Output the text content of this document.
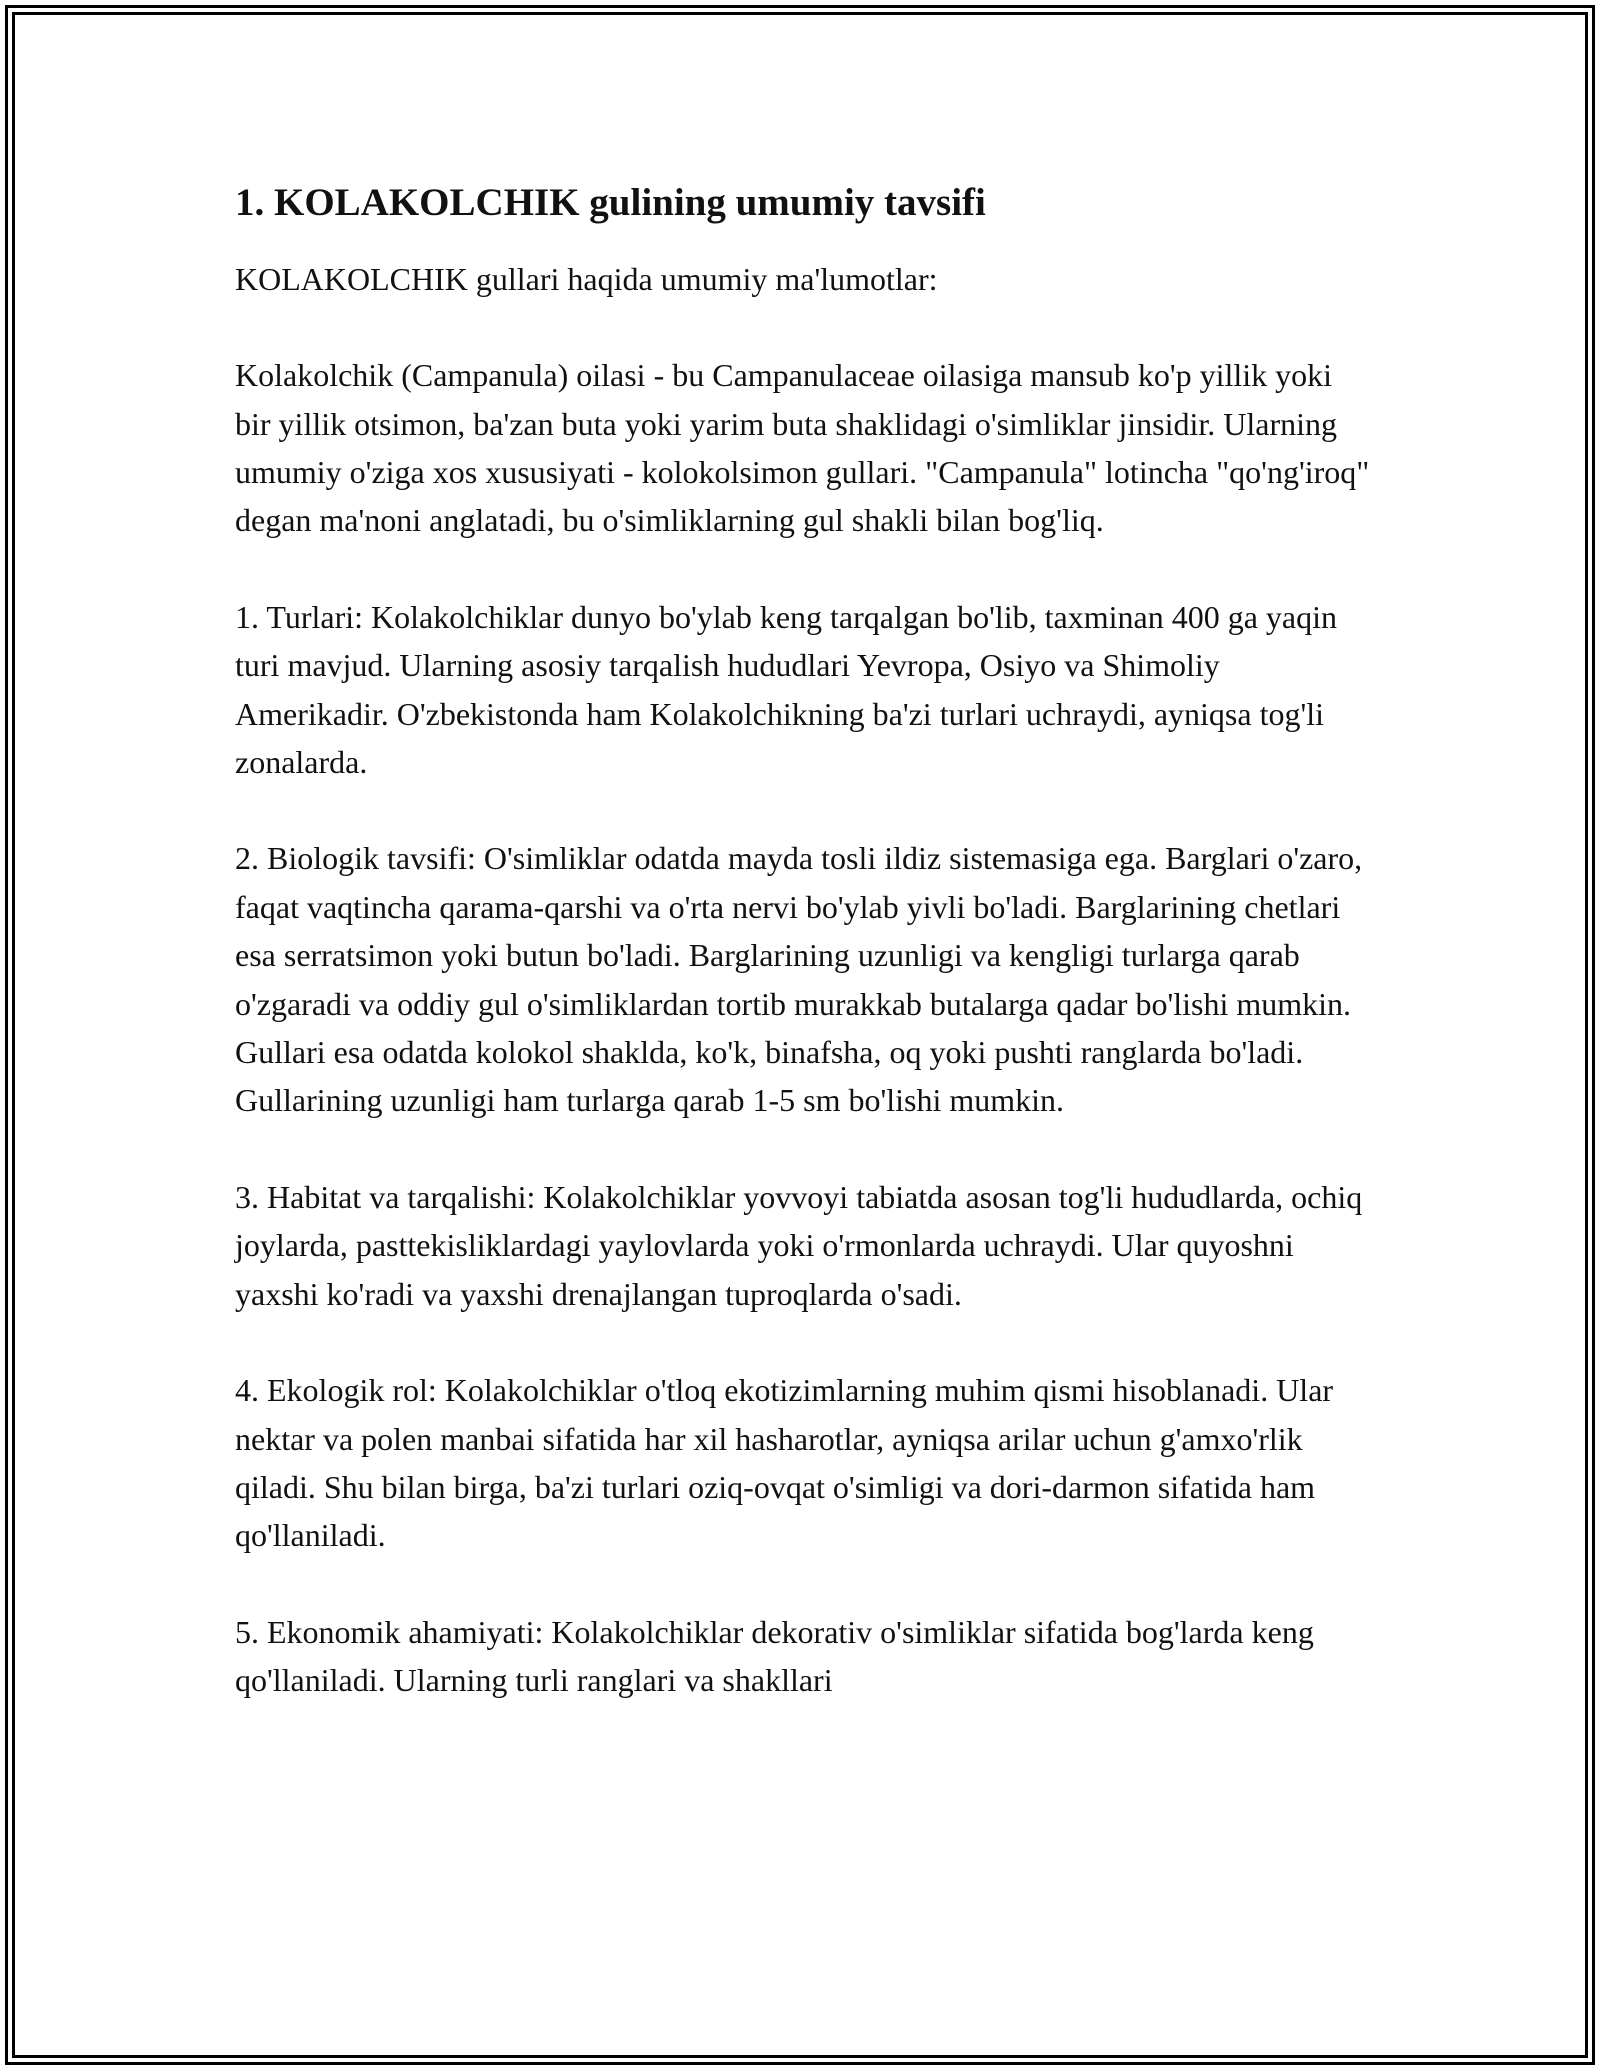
1. KOLAKOLCHIK gulining umumiy tavsifi

KOLAKOLCHIK gullari haqida umumiy ma'lumotlar:

Kolakolchik (Campanula) oilasi - bu Campanulaceae oilasiga mansub ko'p yillik yoki bir yillik otsimon, ba'zan buta yoki yarim buta shaklidagi o'simliklar jinsidir. Ularning umumiy o'ziga xos xususiyati - kolokolsimon gullari. "Campanula" lotincha "qo'ng'iroq" degan ma'noni anglatadi, bu o'simliklarning gul shakli bilan bog'liq.

1. Turlari: Kolakolchiklar dunyo bo'ylab keng tarqalgan bo'lib, taxminan 400 ga yaqin turi mavjud. Ularning asosiy tarqalish hududlari Yevropa, Osiyo va Shimoliy Amerikadir. O'zbekistonda ham Kolakolchikning ba'zi turlari uchraydi, ayniqsa tog'li zonalarda.

2. Biologik tavsifi: O'simliklar odatda mayda tosli ildiz sistemasiga ega. Barglari o'zaro, faqat vaqtincha qarama-qarshi va o'rta nervi bo'ylab yivli bo'ladi. Barglarining chetlari esa serratsimon yoki butun bo'ladi. Barglarining uzunligi va kengligi turlarga qarab o'zgaradi va oddiy gul o'simliklardan tortib murakkab butalarga qadar bo'lishi mumkin. Gullari esa odatda kolokol shaklda, ko'k, binafsha, oq yoki pushti ranglarda bo'ladi. Gullarining uzunligi ham turlarga qarab 1-5 sm bo'lishi mumkin.

3. Habitat va tarqalishi: Kolakolchiklar yovvoyi tabiatda asosan tog'li hududlarda, ochiq joylarda, pasttekisliklardagi yaylovlarda yoki o'rmonlarda uchraydi. Ular quyoshni yaxshi ko'radi va yaxshi drenajlangan tuproqlarda o'sadi.

4. Ekologik rol: Kolakolchiklar o'tloq ekotizimlarning muhim qismi hisoblanadi. Ular nektar va polen manbai sifatida har xil hasharotlar, ayniqsa arilar uchun g'amxo'rlik qiladi. Shu bilan birga, ba'zi turlari oziq-ovqat o'simligi va dori-darmon sifatida ham qo'llaniladi.

5. Ekonomik ahamiyati: Kolakolchiklar dekorativ o'simliklar sifatida bog'larda keng qo'llaniladi. Ularning turli ranglari va shakllari
